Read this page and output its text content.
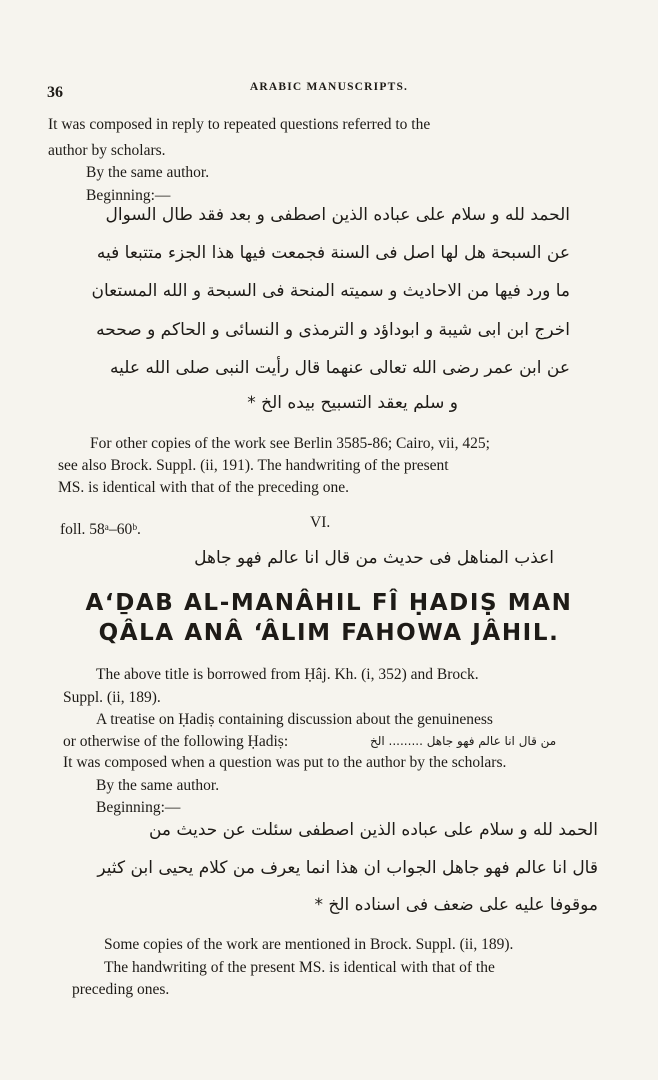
36	ARABIC MANUSCRIPTS.
It was composed in reply to repeated questions referred to the
author by scholars.
By the same author.
Beginning:—
الحمد لله و سلام على عباده الذين اصطفى و بعد فقد طال السوال
عن السبحة هل لها اصل فى السنة فجمعت فيها هذا الجزء متتبعا فيه
ما ورد فيها من الاحاديث و سميته المنحة فى السبحة و الله المستعان
اخرج ابن ابى شيبة و ابوداؤد و الترمذى و النسائى و الحاكم و صححه
عن ابن عمر رضى الله تعالى عنهما قال رأيت النبى صلى الله عليه
و سلم يعقد التسبيح بيده الخ *
For other copies of the work see Berlin 3585-86; Cairo, vii, 425;
see also Brock. Suppl. (ii, 191). The handwriting of the present
MS. is identical with that of the preceding one.
foll. 58ᵃ–60ᵇ.	VI.
اعذب المناهل فى حديث من قال انا عالم فهو جاهل
A‘ḎAB AL-MANÂHIL FÎ ḤADIṢ MAN
QÂLA ANÂ ‘ÂLIM FAHOWA JÂHIL.
The above title is borrowed from Ḥâj. Kh. (i, 352) and Brock.
Suppl. (ii, 189).
A treatise on Ḥadiṣ containing discussion about the genuineness
or otherwise of the following Ḥadiṣ:	من قال انا عالم فهو جاهل ......... الخ
It was composed when a question was put to the author by the scholars.
By the same author.
Beginning:—
الحمد لله و سلام على عباده الذين اصطفى سئلت عن حديث من
قال انا عالم فهو جاهل الجواب ان هذا انما يعرف من كلام يحيى ابن كثير
موقوفا عليه على ضعف فى اسناده الخ *
Some copies of the work are mentioned in Brock. Suppl. (ii, 189).
The handwriting of the present MS. is identical with that of the
preceding ones.
